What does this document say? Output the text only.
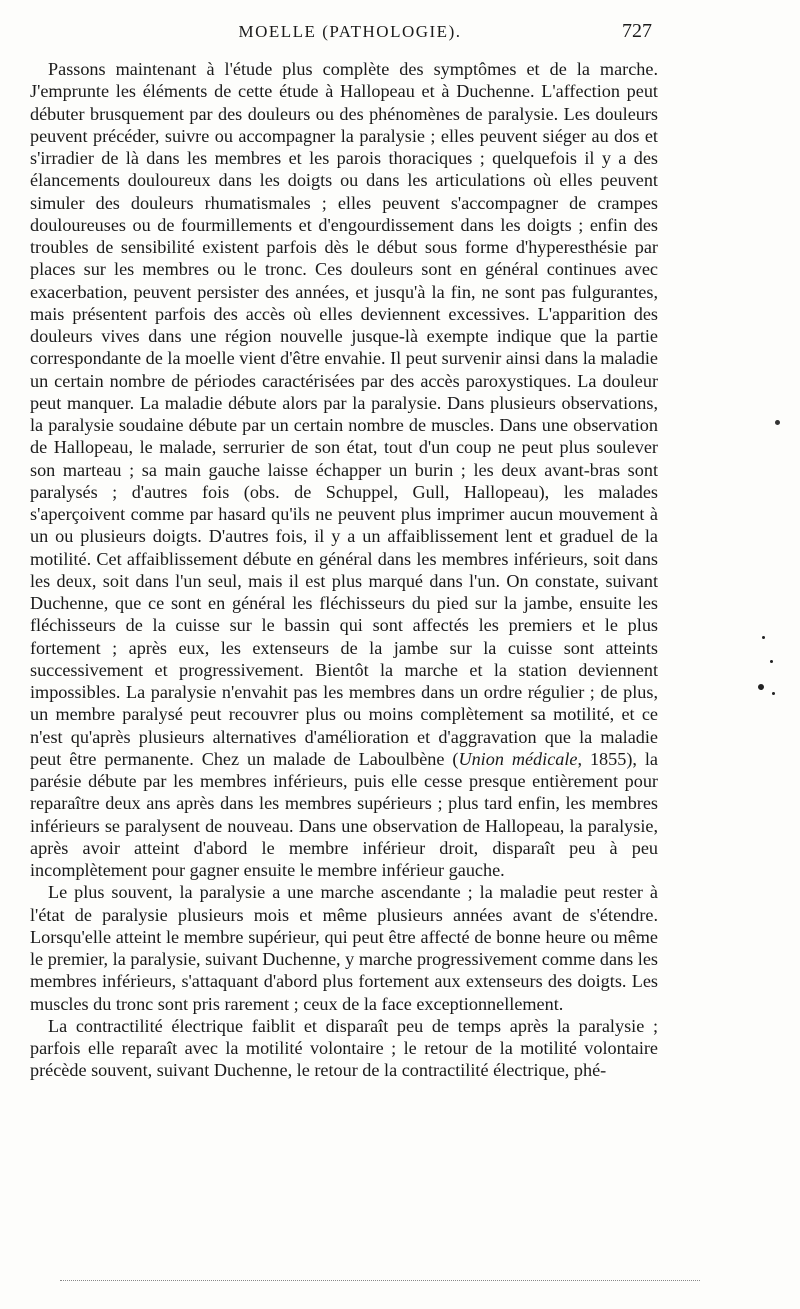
MOELLE (PATHOLOGIE).	727

Passons maintenant à l'étude plus complète des symptômes et de la marche. J'emprunte les éléments de cette étude à Hallopeau et à Duchenne. L'affection peut débuter brusquement par des douleurs ou des phénomènes de paralysie. Les douleurs peuvent précéder, suivre ou accompagner la paralysie ; elles peuvent siéger au dos et s'irradier de là dans les membres et les parois thoraciques ; quelquefois il y a des élancements douloureux dans les doigts ou dans les articulations où elles peuvent simuler des douleurs rhumatismales ; elles peuvent s'accompagner de crampes douloureuses ou de fourmillements et d'engourdissement dans les doigts ; enfin des troubles de sensibilité existent parfois dès le début sous forme d'hyperesthésie par places sur les membres ou le tronc. Ces douleurs sont en général continues avec exacerbation, peuvent persister des années, et jusqu'à la fin, ne sont pas fulgurantes, mais présentent parfois des accès où elles deviennent excessives. L'apparition des douleurs vives dans une région nouvelle jusque-là exempte indique que la partie correspondante de la moelle vient d'être envahie. Il peut survenir ainsi dans la maladie un certain nombre de périodes caractérisées par des accès paroxystiques. La douleur peut manquer. La maladie débute alors par la paralysie. Dans plusieurs observations, la paralysie soudaine débute par un certain nombre de muscles. Dans une observation de Hallopeau, le malade, serrurier de son état, tout d'un coup ne peut plus soulever son marteau ; sa main gauche laisse échapper un burin ; les deux avant-bras sont paralysés ; d'autres fois (obs. de Schuppel, Gull, Hallopeau), les malades s'aperçoivent comme par hasard qu'ils ne peuvent plus imprimer aucun mouvement à un ou plusieurs doigts. D'autres fois, il y a un affaiblissement lent et graduel de la motilité. Cet affaiblissement débute en général dans les membres inférieurs, soit dans les deux, soit dans l'un seul, mais il est plus marqué dans l'un. On constate, suivant Duchenne, que ce sont en général les fléchisseurs du pied sur la jambe, ensuite les fléchisseurs de la cuisse sur le bassin qui sont affectés les premiers et le plus fortement ; après eux, les extenseurs de la jambe sur la cuisse sont atteints successivement et progressivement. Bientôt la marche et la station deviennent impossibles. La paralysie n'envahit pas les membres dans un ordre régulier ; de plus, un membre paralysé peut recouvrer plus ou moins complètement sa motilité, et ce n'est qu'après plusieurs alternatives d'amélioration et d'aggravation que la maladie peut être permanente. Chez un malade de Laboulbène (Union médicale, 1855), la parésie débute par les membres inférieurs, puis elle cesse presque entièrement pour reparaître deux ans après dans les membres supérieurs ; plus tard enfin, les membres inférieurs se paralysent de nouveau. Dans une observation de Hallopeau, la paralysie, après avoir atteint d'abord le membre inférieur droit, disparaît peu à peu incomplètement pour gagner ensuite le membre inférieur gauche.

Le plus souvent, la paralysie a une marche ascendante ; la maladie peut rester à l'état de paralysie plusieurs mois et même plusieurs années avant de s'étendre. Lorsqu'elle atteint le membre supérieur, qui peut être affecté de bonne heure ou même le premier, la paralysie, suivant Duchenne, y marche progressivement comme dans les membres inférieurs, s'attaquant d'abord plus fortement aux extenseurs des doigts. Les muscles du tronc sont pris rarement ; ceux de la face exceptionnellement.

La contractilité électrique faiblit et disparaît peu de temps après la paralysie ; parfois elle reparaît avec la motilité volontaire ; le retour de la motilité volontaire précède souvent, suivant Duchenne, le retour de la contractilité électrique, phé-
